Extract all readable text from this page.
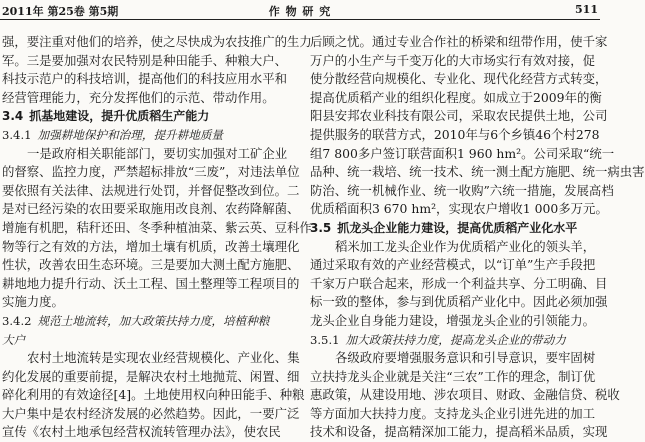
2011年 第25卷 第5期	作 物 研 究	511
强，要注重对他们的培养，使之尽快成为农技推广的生力
军。三是要加强对农民特别是种田能手、种粮大户、
科技示范户的科技培训，提高他们的科技应用水平和
经营管理能力，充分发挥他们的示范、带动作用。
3.4 抓基地建设，提升优质稻生产能力
3.4.1 加强耕地保护和治理，提升耕地质量
一是政府相关职能部门，要切实加强对工矿企业
的督察、监控力度，严禁超标排放“三废”，对违法单位
要依照有关法律、法规进行处罚，并督促整改到位。二
是对已经污染的农田要采取施用改良剂、农药降解菌、
增施有机肥，秸秆还田、冬季种植油菜、紫云英、豆科作
物等行之有效的方法，增加土壤有机质，改善土壤理化
性状，改善农田生态环境。三是要加大测土配方施肥、
耕地地力提升行动、沃土工程、国土整理等工程项目的
实施力度。
3.4.2 规范土地流转，加大政策扶持力度，培植种粮
大户
农村土地流转是实现农业经营规模化、产业化、集
约化发展的重要前提，是解决农村土地抛荒、闲置、细
碎化利用的有效途径[4]。土地使用权向种田能手、种粮
大户集中是农村经济发展的必然趋势。因此，一要广泛
宣传《农村土地承包经营权流转管理办法》，使农民
后顾之忧。通过专业合作社的桥梁和纽带作用，使千家
万户的小生产与千变万化的大市场实行有效对接，促
使分散经营向规模化、专业化、现代化经营方式转变，
提高优质稻产业的组织化程度。如成立于2009年的衡
阳县安邦农业科技有限公司，采取农民提供土地，公司
提供服务的联营方式，2010年与6个乡镇46个村278
组7 800多户签订联营面积1 960 hm²。公司采取“统一
品种、统一栽培、统一技术、统一测土配方施肥、统一病虫害
防治、统一机械作业、统一收购”六统一措施，发展高档
优质稻面积3 670 hm²，实现农户增收1 000多万元。
3.5 抓龙头企业能力建设，提高优质稻产业化水平
稻米加工龙头企业作为优质稻产业化的领头羊，
通过采取有效的产业经营模式，以“订单”生产手段把
千家万户联合起来，形成一个利益共享、分工明确、目
标一致的整体，参与到优质稻产业化中。因此必须加强
龙头企业自身能力建设，增强龙头企业的引领能力。
3.5.1 加大政策扶持力度，提高龙头企业的带动力
各级政府要增强服务意识和引导意识，要牢固树
立扶持龙头企业就是关注“三农”工作的理念，制订优
惠政策，从建设用地、涉农项目、财政、金融信贷、税收
等方面加大扶持力度。支持龙头企业引进先进的加工
技术和设备，提高精深加工能力，提高稻米品质，实现
